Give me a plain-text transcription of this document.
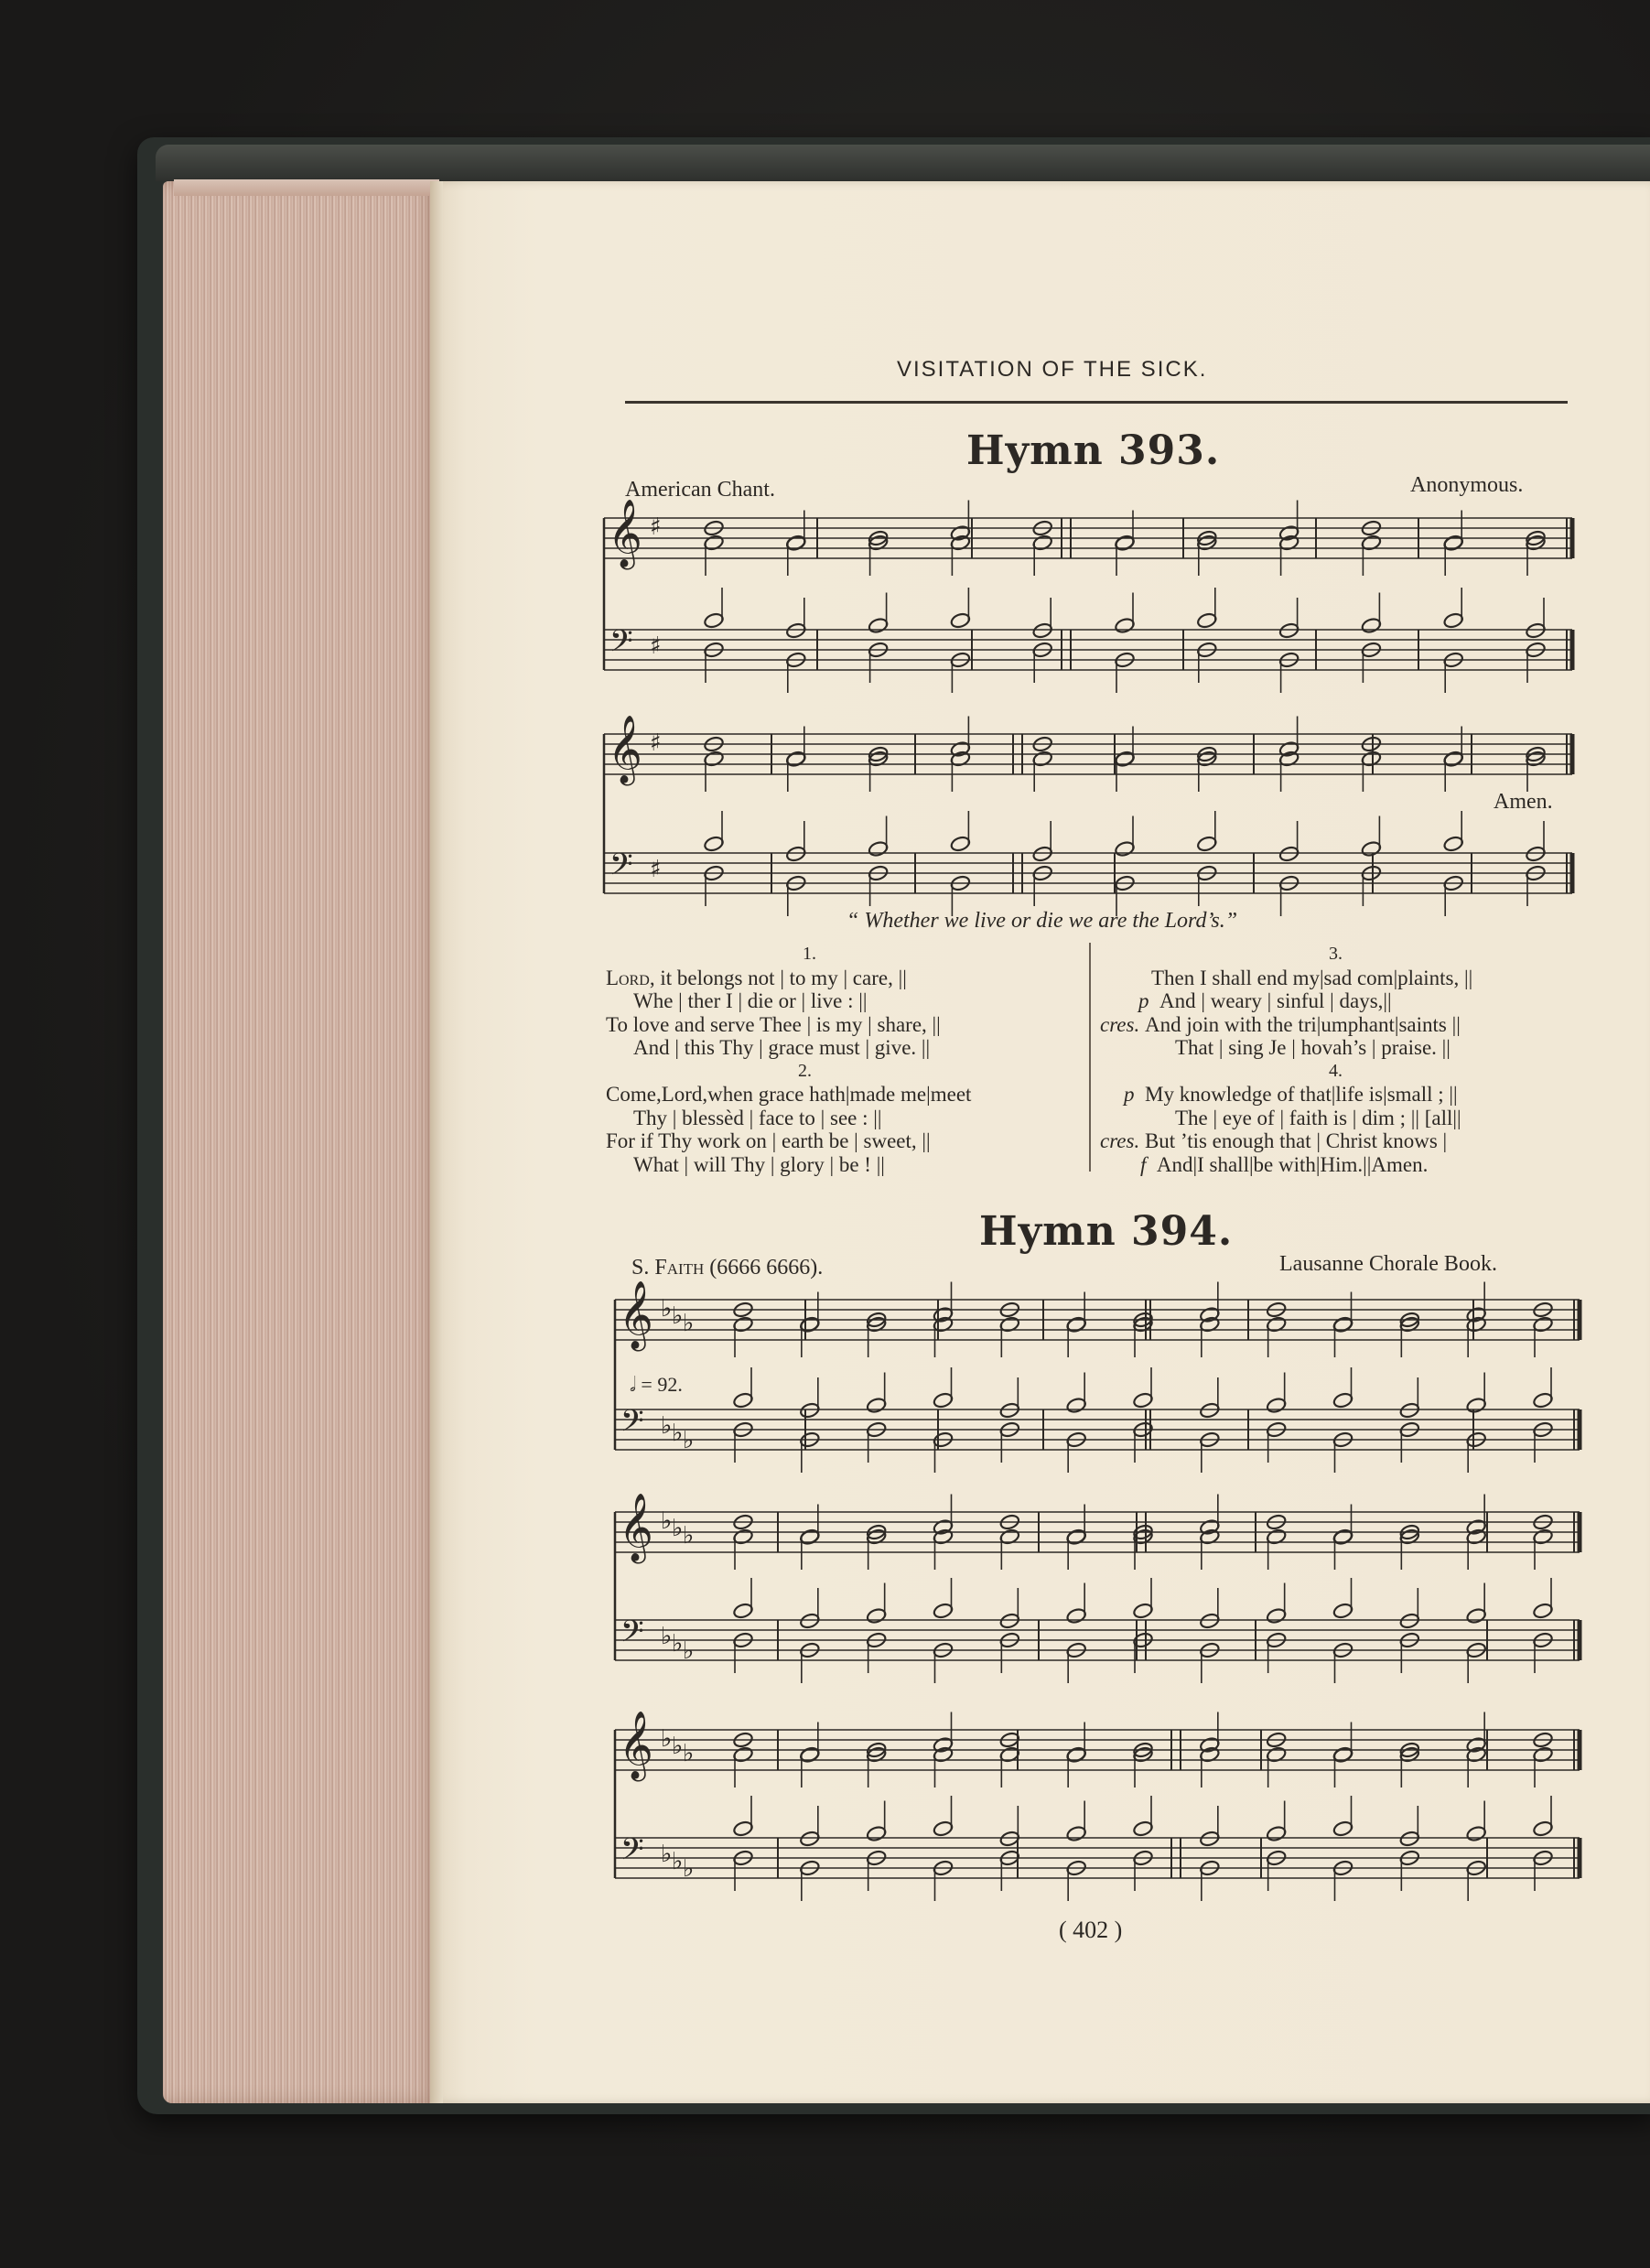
VISITATION OF THE SICK.
Hymn 393.
American Chant.	Anonymous.
Amen.
“ Whether we live or die we are the Lord’s.”
1.
Lord, it belongs not | to my | care, ||
Whe | ther I | die or | live : ||
To love and serve Thee | is my | share, ||
And | this Thy | grace must | give. ||
2.
Come,Lord,when grace hath|made me|meet
Thy | blessèd | face to | see : ||
For if Thy work on | earth be | sweet, ||
What | will Thy | glory | be ! ||
3.
Then I shall end my|sad com|plaints, ||
p And | weary | sinful | days,||
cres. And join with the tri|umphant|saints ||
That | sing Je | hovah’s | praise. ||
4.
p My knowledge of that|life is|small ; ||
The | eye of | faith is | dim ; || [all||
cres. But ’tis enough that | Christ knows |
f And|I shall|be with|Him.||Amen.
Hymn 394.
S. Faith (6666 6666).	Lausanne Chorale Book.
𝅗𝅥 = 92.
( 402 )
𝄞
𝄢
♯
♯
𝄞
𝄢
♯
♯
𝄞
𝄢
♭
♭
♭
♭
♭
♭
𝄞
𝄢
♭
♭
♭
♭
♭
♭
𝄞
𝄢
♭
♭
♭
♭
♭
♭
